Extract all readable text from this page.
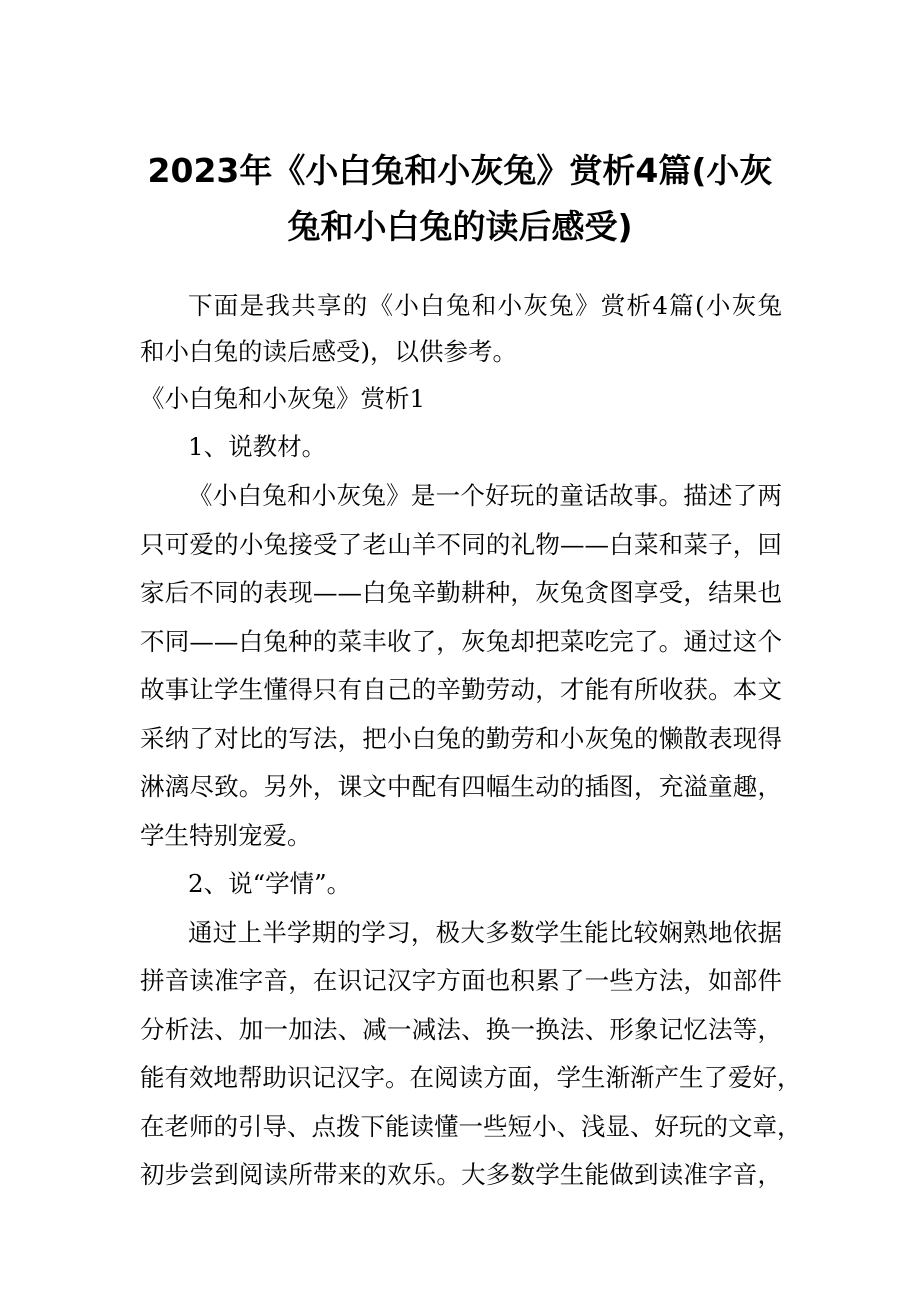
2023年《小白兔和小灰兔》赏析4篇(小灰
兔和小白兔的读后感受)
下面是我共享的《小白兔和小灰兔》赏析4篇(小灰兔
和小白兔的读后感受)，以供参考。
《小白兔和小灰兔》赏析1
1、说教材。
《小白兔和小灰兔》是一个好玩的童话故事。描述了两
只可爱的小兔接受了老山羊不同的礼物——白菜和菜子，回
家后不同的表现——白兔辛勤耕种，灰兔贪图享受，结果也
不同——白兔种的菜丰收了，灰兔却把菜吃完了。通过这个
故事让学生懂得只有自己的辛勤劳动，才能有所收获。本文
采纳了对比的写法，把小白兔的勤劳和小灰兔的懒散表现得
淋漓尽致。另外，课文中配有四幅生动的插图，充溢童趣，
学生特别宠爱。
2、说“学情”。
通过上半学期的学习，极大多数学生能比较娴熟地依据
拼音读准字音，在识记汉字方面也积累了一些方法，如部件
分析法、加一加法、减一减法、换一换法、形象记忆法等，
能有效地帮助识记汉字。在阅读方面，学生渐渐产生了爱好，
在老师的引导、点拨下能读懂一些短小、浅显、好玩的文章，
初步尝到阅读所带来的欢乐。大多数学生能做到读准字音，
